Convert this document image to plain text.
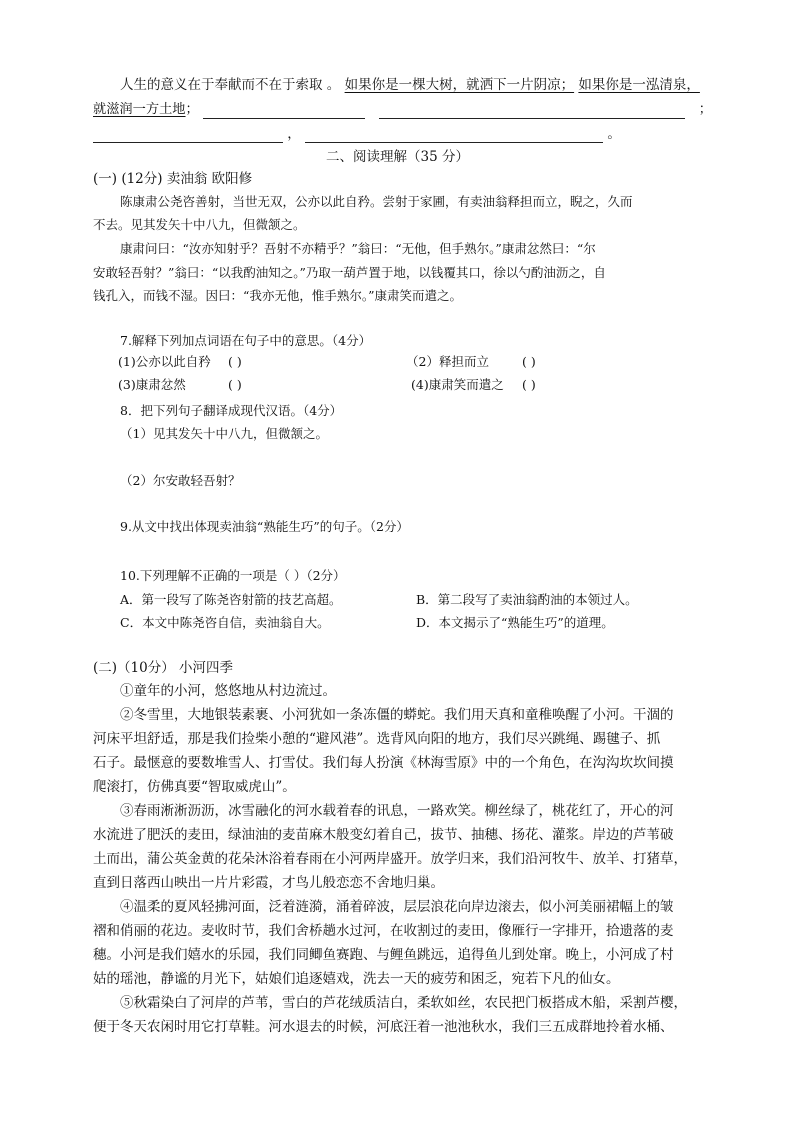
人生的意义在于奉献而不在于索取 。 如果你是一棵大树，就洒下一片阴凉； 如果你是一泓清泉，
就滋润一方土地；	；
，	。
二、阅读理解（35 分）
(一) (12分) 卖油翁 欧阳修
陈康肃公尧咨善射，当世无双，公亦以此自矜。尝射于家圃，有卖油翁释担而立，睨之，久而
不去。见其发矢十中八九，但微颔之。
康肃问曰：“汝亦知射乎？吾射不亦精乎？”翁曰：“无他，但手熟尔。”康肃忿然曰：“尔
安敢轻吾射？”翁曰：“以我酌油知之。”乃取一葫芦置于地，以钱覆其口，徐以勺酌油沥之，自
钱孔入，而钱不湿。因曰：“我亦无他，惟手熟尔。”康肃笑而遣之。
7.解释下列加点词语在句子中的意思。（4分）
(1)公亦以此自矜 ( )	（2）释担而立	( )
(3)康肃忿然	( )	(4)康肃笑而遣之 ( )
8．把下列句子翻译成现代汉语。（4分）
（1）见其发矢十中八九，但微颔之。
（2）尔安敢轻吾射？
9.从文中找出体现卖油翁“熟能生巧”的句子。（2分）
10.下列理解不正确的一项是（ ）（2分）
A．第一段写了陈尧咨射箭的技艺高超。	B．第二段写了卖油翁酌油的本领过人。
C．本文中陈尧咨自信，卖油翁自大。	D．本文揭示了“熟能生巧”的道理。
(二)（10分） 小河四季
①童年的小河，悠悠地从村边流过。
②冬雪里，大地银装素裹、小河犹如一条冻僵的蟒蛇。我们用天真和童稚唤醒了小河。干涸的
河床平坦舒适，那是我们捡柴小憩的“避风港”。选背风向阳的地方，我们尽兴跳绳、踢毽子、抓
石子。最惬意的要数堆雪人、打雪仗。我们每人扮演《林海雪原》中的一个角色，在沟沟坎坎间摸
爬滚打，仿佛真要“智取威虎山”。
③春雨淅淅沥沥，冰雪融化的河水载着春的讯息，一路欢笑。柳丝绿了，桃花红了，开心的河
水流进了肥沃的麦田，绿油油的麦苗麻木般变幻着自己，拔节、抽穗、扬花、灌浆。岸边的芦苇破
土而出，蒲公英金黄的花朵沐浴着春雨在小河两岸盛开。放学归来，我们沿河牧牛、放羊、打猪草，
直到日落西山映出一片片彩霞，才鸟儿般恋恋不舍地归巢。
④温柔的夏风轻拂河面，泛着涟漪，涌着碎波，层层浪花向岸边滚去，似小河美丽裙幅上的皱
褶和俏丽的花边。麦收时节，我们舍桥趟水过河，在收割过的麦田，像雁行一字排开，拾遗落的麦
穗。小河是我们嬉水的乐园，我们同鲫鱼赛跑、与鲤鱼跳远，追得鱼儿到处窜。晚上，小河成了村
姑的瑶池，静谧的月光下，姑娘们追逐嬉戏，洗去一天的疲劳和困乏，宛若下凡的仙女。
⑤秋霜染白了河岸的芦苇，雪白的芦花绒质洁白，柔软如丝，农民把门板搭成木船，采割芦樱，
便于冬天农闲时用它打草鞋。河水退去的时候，河底汪着一池池秋水，我们三五成群地拎着水桶、
